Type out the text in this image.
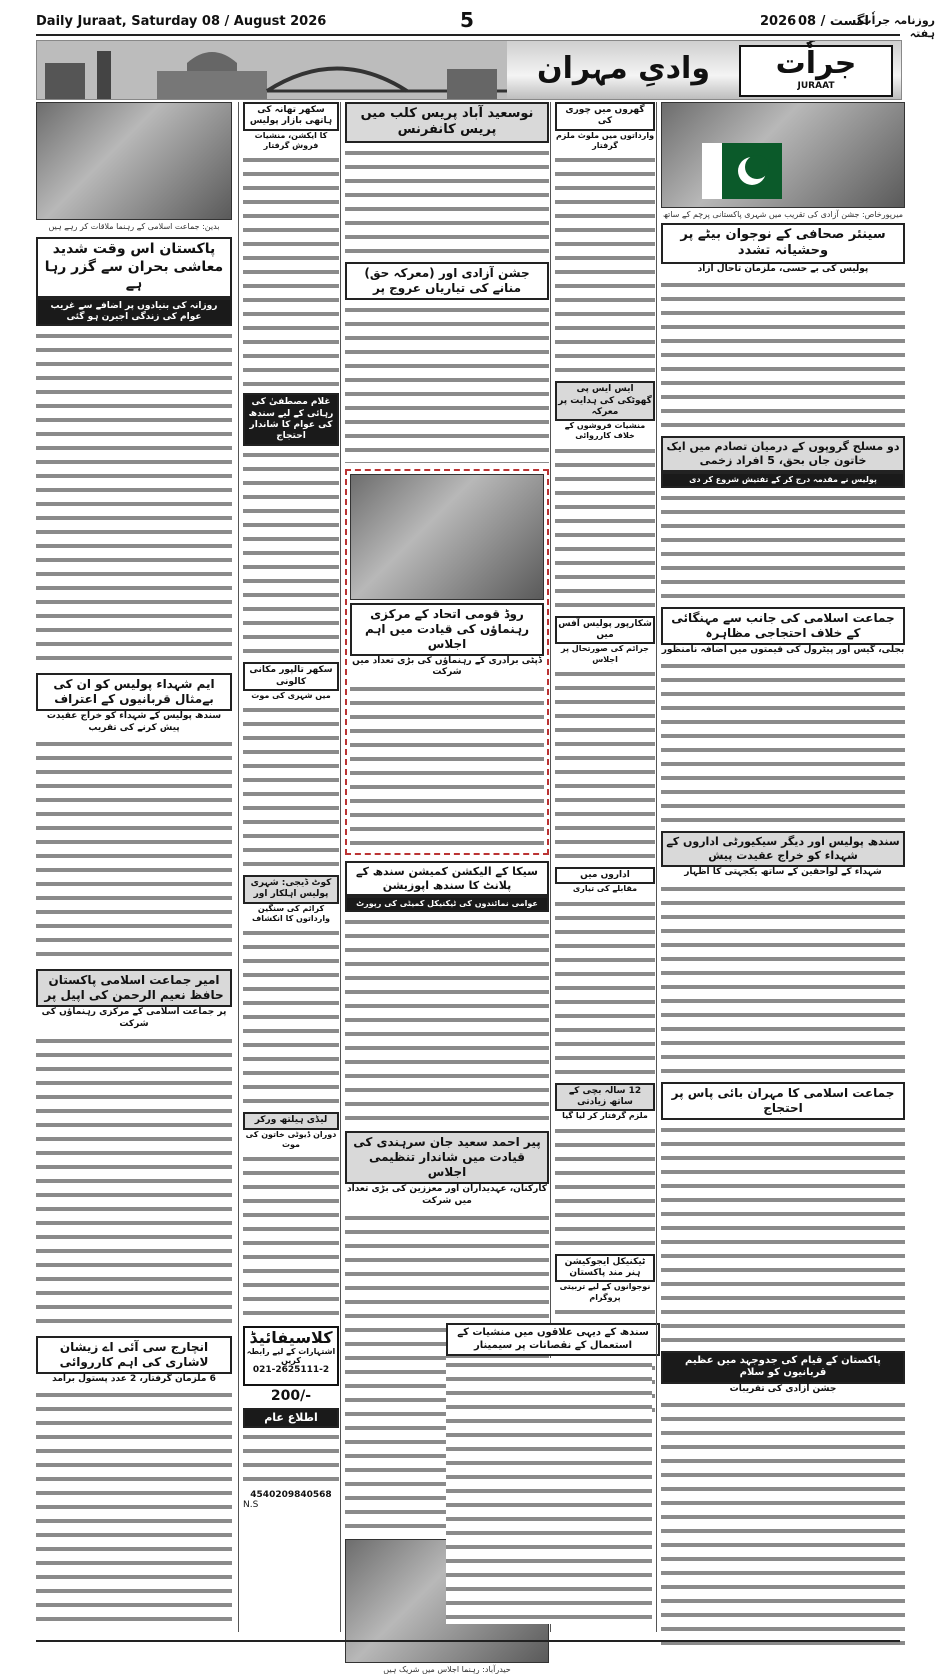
Daily Juraat, Saturday 08 / August 2026	5	2026 اگست / 08
روزنامہ جراٗت، ہفتہ
وادیِ مہران	جراٗت
JURAAT
بدین: جماعت اسلامی کے رہنما ملاقات کر رہے ہیں
پاکستان اس وقت شدید معاشی بحران سے گزر رہا ہے
روزانہ کی بنیادوں پر اضافے سے غریب عوام کی زندگی اجیرن ہو گئی
ایم شہداء پولیس کو ان کی بےمثال قربانیوں کے اعتراف
سندھ پولیس کے شہداء کو خراج عقیدت پیش کرنے کی تقریب
امیر جماعت اسلامی پاکستان حافظ نعیم الرحمن کی اپیل پر
پر جماعت اسلامی کے مرکزی رہنماؤں کی شرکت
انچارج سی آئی اے زیشان لاشاری کی اہم کارروائی
6 ملزمان گرفتار، 2 عدد پستول برآمد
سکھر تھانہ کی ہاتھی بازار پولیس
کا ایکشن، منشیات فروش گرفتار
غلام مصطفیٰ کی رہائی کے لیے سندھ کی عوام کا شاندار احتجاج
سکھر تالپور مکانی کالونی
میں شہری کی موت
کوٹ ڈیجی: شہری پولیس اہلکار اور
کرائم کی سنگین وارداتوں کا انکشاف
لیڈی ہیلتھ ورکر
دوران ڈیوٹی خاتون کی موت
کلاسیفائیڈ
اشتہارات کے لیے رابطہ کریں
021-2625111-2
200/-
اطلاع عام
4540209840568
N.S
نوسعید آباد پریس کلب میں پریس کانفرنس
جشن آزادی اور (معرکہ حق) منانے کی تیاریاں عروج پر
روڈ قومی اتحاد کے مرکزی رہنماؤں کی قیادت میں اہم اجلاس
ڈپٹی برادری کے رہنماؤں کی بڑی تعداد میں شرکت
سیکا کے الیکشن کمیشن سندھ کے پلانٹ کا سندھ اپوزیشن
عوامی نمائندوں کی ٹیکنیکل کمیٹی کی رپورٹ
پیر احمد سعید جان سرہندی کی قیادت میں شاندار تنظیمی اجلاس
کارکنان، عہدیداران اور معززین کی بڑی تعداد میں شرکت
حیدرآباد: رہنما اجلاس میں شریک ہیں
گھروں میں چوری کی
وارداتوں میں ملوث ملزم گرفتار
ایس ایس پی گھوٹکی کی ہدایت پر معرکہ
منشیات فروشوں کے خلاف کارروائی
شکارپور پولیس آفس میں
جرائم کی صورتحال پر اجلاس
اداروں میں
مقابلے کی تیاری
12 سالہ بچی کے ساتھ زیادتی
ملزم گرفتار کر لیا گیا
ٹیکنیکل ایجوکیشن ہنر مند پاکستان
نوجوانوں کے لیے تربیتی پروگرام
سندھ کے دیہی علاقوں میں منشیات کے استعمال کے نقصانات پر سیمینار
میرپورخاص: جشن آزادی کی تقریب میں شہری پاکستانی پرچم کے ساتھ
سینئر صحافی کے نوجوان بیٹے پر وحشیانہ تشدد
پولیس کی بے حسی، ملزمان تاحال آزاد
دو مسلح گروپوں کے درمیان تصادم میں ایک خاتون جاں بحق، 5 افراد زخمی
پولیس نے مقدمہ درج کر کے تفتیش شروع کر دی
جماعت اسلامی کی جانب سے مہنگائی کے خلاف احتجاجی مظاہرہ
بجلی، گیس اور پیٹرول کی قیمتوں میں اضافہ نامنظور
سندھ پولیس اور دیگر سیکیورٹی اداروں کے شہداء کو خراج عقیدت پیش
شہداء کے لواحقین کے ساتھ یکجہتی کا اظہار
جماعت اسلامی کا مہران بائی پاس پر احتجاج
پاکستان کے قیام کی جدوجہد میں عظیم قربانیوں کو سلام
جشن آزادی کی تقریبات
